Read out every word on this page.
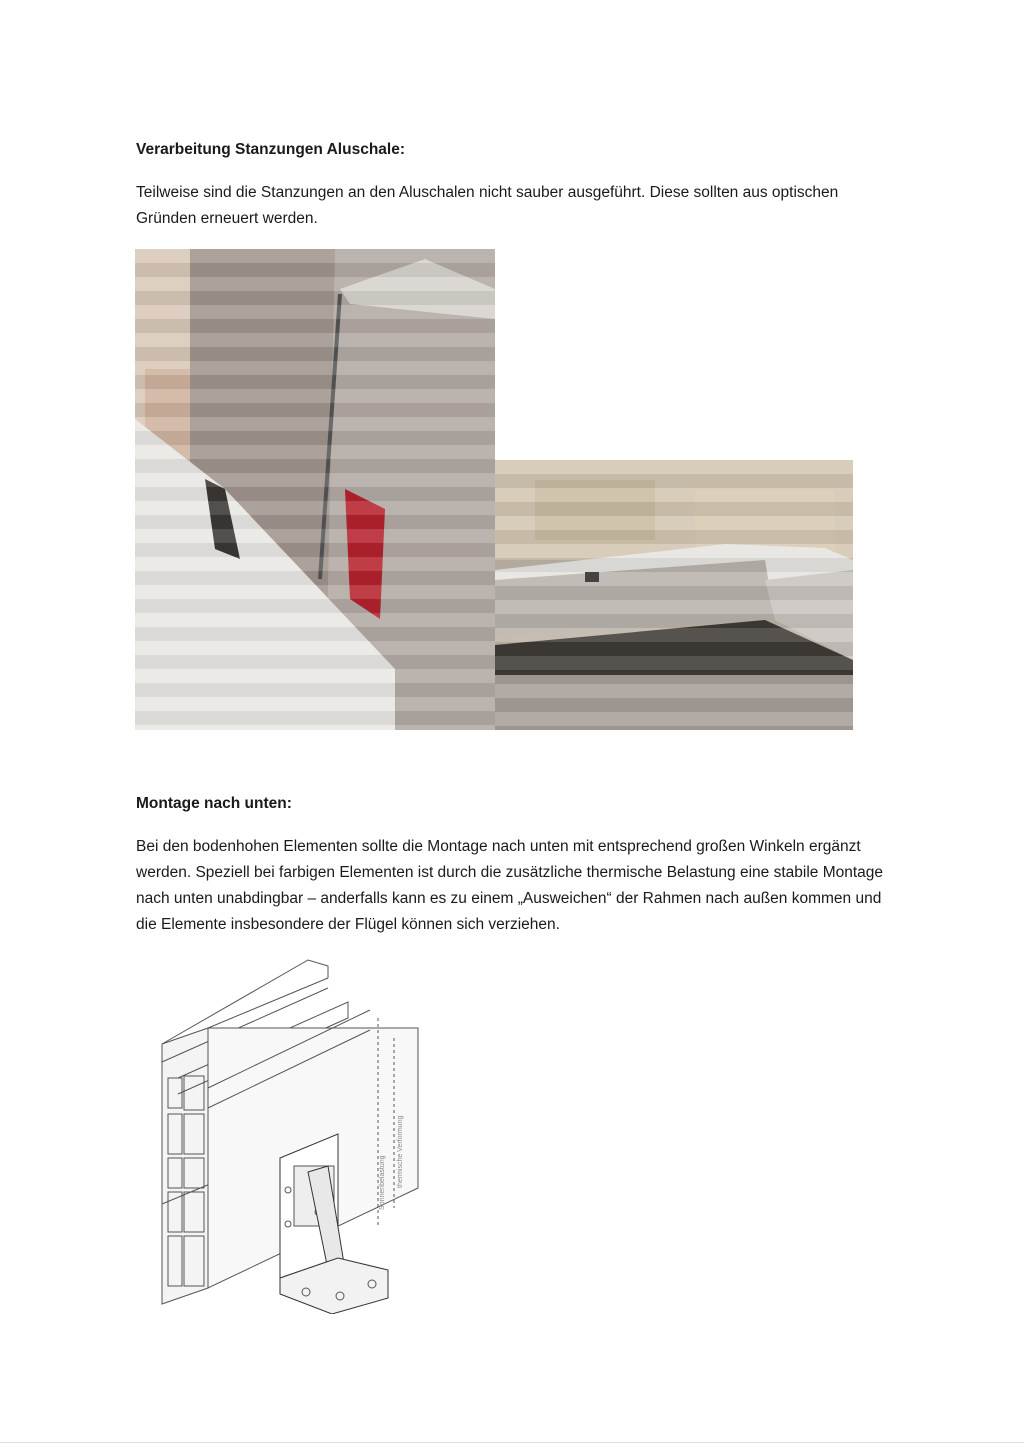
Verarbeitung Stanzungen Aluschale:

Teilweise sind die Stanzungen an den Aluschalen nicht sauber ausgeführt. Diese sollten aus optischen Gründen erneuert werden.

Montage nach unten:

Bei den bodenhohen Elementen sollte die Montage nach unten mit entsprechend großen Winkeln ergänzt werden. Speziell bei farbigen Elementen ist durch die zusätzliche thermische Belastung eine stabile Montage nach unten unabdingbar – anderfalls kann es zu einem „Ausweichen“ der Rahmen nach außen kommen und die Elemente insbesondere der Flügel können sich verziehen.

Sonnenbelastung thermische Verformung
